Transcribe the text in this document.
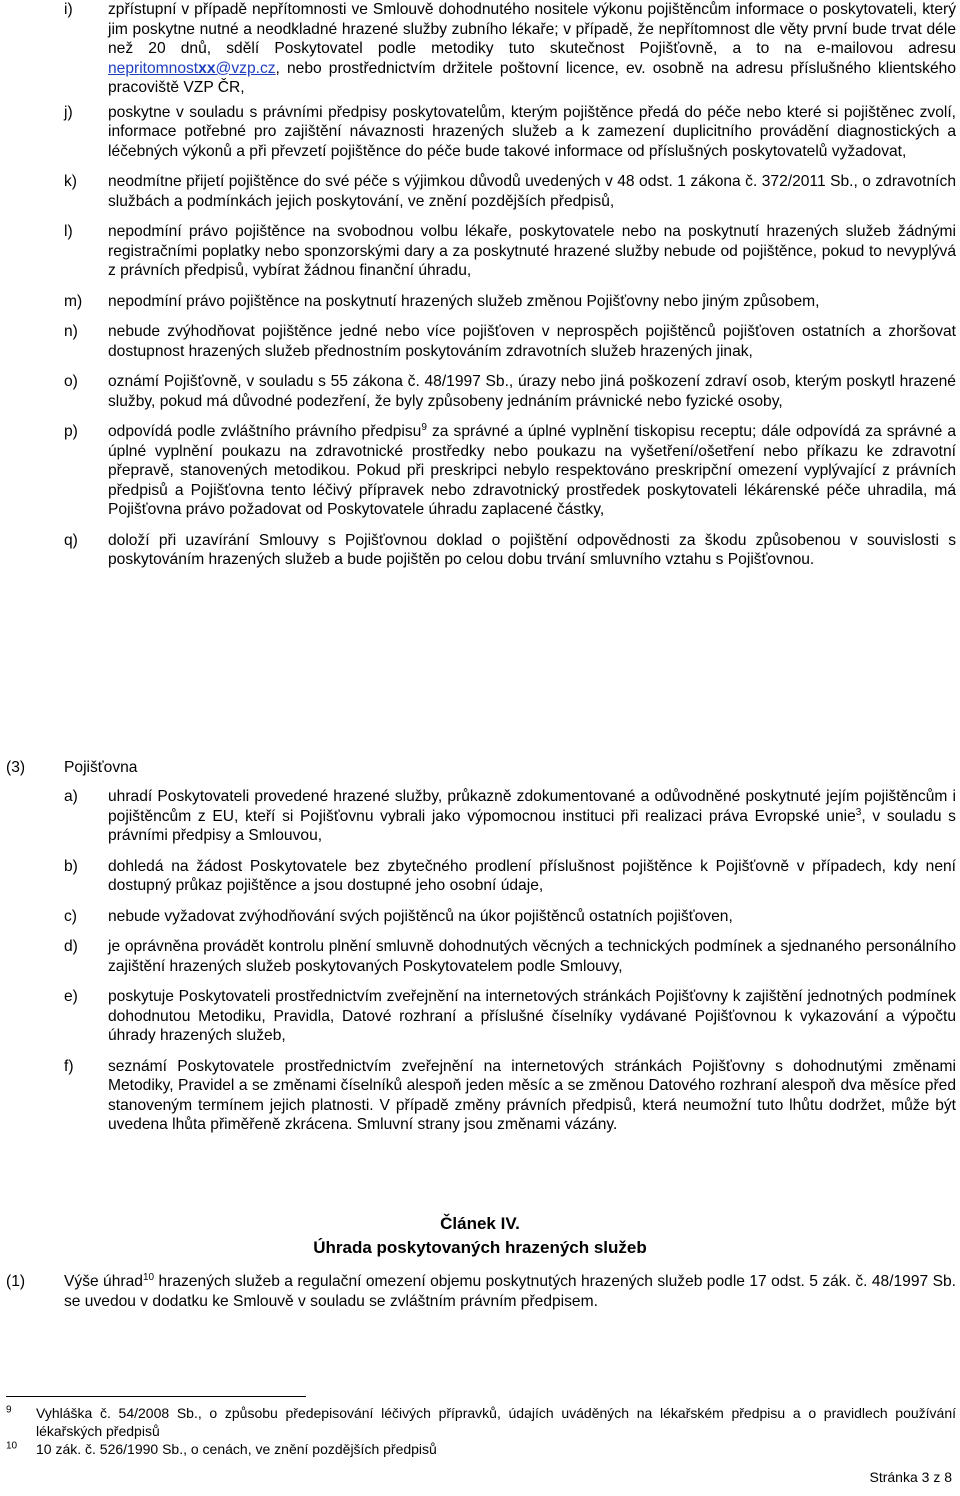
i)	zpřístupní v případě nepřítomnosti ve Smlouvě dohodnutého nositele výkonu pojištěncům informace o poskytovateli, který jim poskytne nutné a neodkladné hrazené služby zubního lékaře; v případě, že nepřítomnost dle věty první bude trvat déle než 20 dnů, sdělí Poskytovatel podle metodiky tuto skutečnost Pojišťovně, a to na e-mailovou adresu nepritomnostxx@vzp.cz, nebo prostřednictvím držitele poštovní licence, ev. osobně na adresu příslušného klientského pracoviště VZP ČR,
j)	poskytne v souladu s právními předpisy poskytovatelům, kterým pojištěnce předá do péče nebo které si pojištěnec zvolí, informace potřebné pro zajištění návaznosti hrazených služeb a k zamezení duplicitního provádění diagnostických a léčebných výkonů a při převzetí pojištěnce do péče bude takové informace od příslušných poskytovatelů vyžadovat,
k)	neodmítne přijetí pojištěnce do své péče s výjimkou důvodů uvedených v 48 odst. 1 zákona č. 372/2011 Sb., o zdravotních službách a podmínkách jejich poskytování, ve znění pozdějších předpisů,
l)	nepodmíní právo pojištěnce na svobodnou volbu lékaře, poskytovatele nebo na poskytnutí hrazených služeb žádnými registračními poplatky nebo sponzorskými dary a za poskytnuté hrazené služby nebude od pojištěnce, pokud to nevyplývá z právních předpisů, vybírat žádnou finanční úhradu,
m)	nepodmíní právo pojištěnce na poskytnutí hrazených služeb změnou Pojišťovny nebo jiným způsobem,
n)	nebude zvýhodňovat pojištěnce jedné nebo více pojišťoven v neprospěch pojištěnců pojišťoven ostatních a zhoršovat dostupnost hrazených služeb přednostním poskytováním zdravotních služeb hrazených jinak,
o)	oznámí Pojišťovně, v souladu s 55 zákona č. 48/1997 Sb., úrazy nebo jiná poškození zdraví osob, kterým poskytl hrazené služby, pokud má důvodné podezření, že byly způsobeny jednáním právnické nebo fyzické osoby,
p)	odpovídá podle zvláštního právního předpisu$^9$ za správné a úplné vyplnění tiskopisu receptu; dále odpovídá za správné a úplné vyplnění poukazu na zdravotnické prostředky nebo poukazu na vyšetření/ošetření nebo příkazu ke zdravotní přepravě, stanovených metodikou. Pokud při preskripci nebylo respektováno preskripční omezení vyplývající z právních předpisů a Pojišťovna tento léčivý přípravek nebo zdravotnický prostředek poskytovateli lékárenské péče uhradila, má Pojišťovna právo požadovat od Poskytovatele úhradu zaplacené částky,
q)	doloží při uzavírání Smlouvy s Pojišťovnou doklad o pojištění odpovědnosti za škodu způsobenou v souvislosti s poskytováním hrazených služeb a bude pojištěn po celou dobu trvání smluvního vztahu s Pojišťovnou.
(3)	Pojišťovna
a)	uhradí Poskytovateli provedené hrazené služby, průkazně zdokumentované a odůvodněné poskytnuté jejím pojištěncům i pojištěncům z EU, kteří si Pojišťovnu vybrali jako výpomocnou instituci při realizaci práva Evropské unie$^3$, v souladu s právními předpisy a Smlouvou,
b)	dohledá na žádost Poskytovatele bez zbytečného prodlení příslušnost pojištěnce k Pojišťovně v případech, kdy není dostupný průkaz pojištěnce a jsou dostupné jeho osobní údaje,
c)	nebude vyžadovat zvýhodňování svých pojištěnců na úkor pojištěnců ostatních pojišťoven,
d)	je oprávněna provádět kontrolu plnění smluvně dohodnutých věcných a technických podmínek a sjednaného personálního zajištění hrazených služeb poskytovaných Poskytovatelem podle Smlouvy,
e)	poskytuje Poskytovateli prostřednictvím zveřejnění na internetových stránkách Pojišťovny k zajištění jednotných podmínek dohodnutou Metodiku, Pravidla, Datové rozhraní a příslušné číselníky vydávané Pojišťovnou k vykazování a výpočtu úhrady hrazených služeb,
f)	seznámí Poskytovatele prostřednictvím zveřejnění na internetových stránkách Pojišťovny s dohodnutými změnami Metodiky, Pravidel a se změnami číselníků alespoň jeden měsíc a se změnou Datového rozhraní alespoň dva měsíce před stanoveným termínem jejich platnosti. V případě změny právních předpisů, která neumožní tuto lhůtu dodržet, může být uvedena lhůta přiměřeně zkrácena. Smluvní strany jsou změnami vázány.
Článek IV.
Úhrada poskytovaných hrazených služeb
(1)	Výše úhrad$^{10}$ hrazených služeb a regulační omezení objemu poskytnutých hrazených služeb podle 17 odst. 5 zák. č. 48/1997 Sb. se uvedou v dodatku ke Smlouvě v souladu se zvláštním právním předpisem.
$^9$	Vyhláška č. 54/2008 Sb., o způsobu předepisování léčivých přípravků, údajích uváděných na lékařském předpisu a o pravidlech používání lékařských předpisů
$^{10}$	10 zák. č. 526/1990 Sb., o cenách, ve znění pozdějších předpisů
Stránka 3 z 8
